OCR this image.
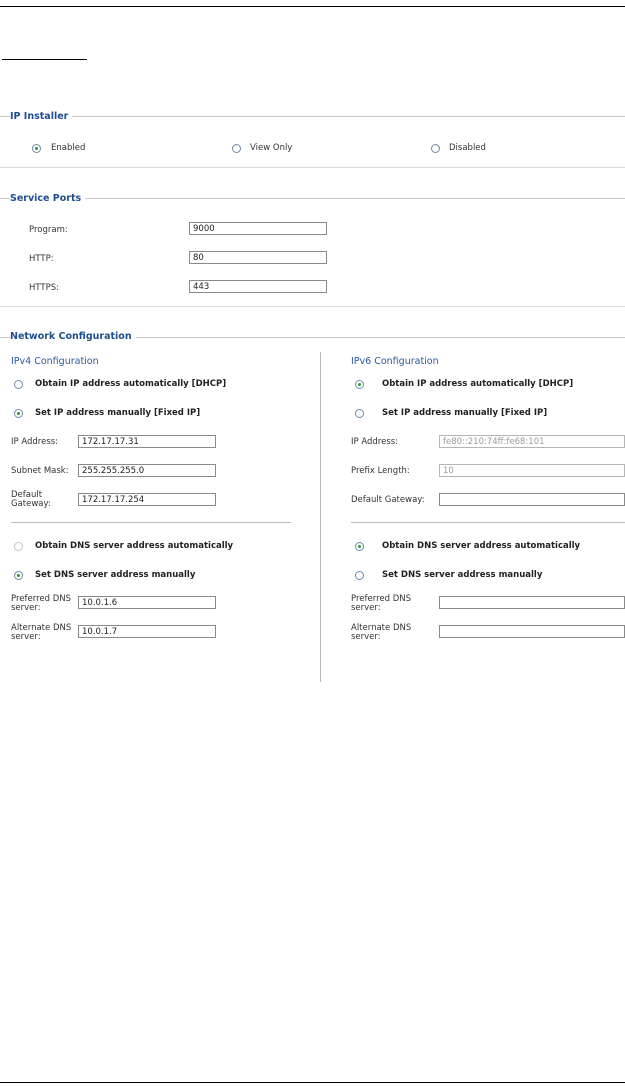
IP Installer
Enabled	View Only	Disabled
Service Ports
Program:
9000
HTTP:
80
HTTPS:
443
Network Configuration
IPv4 Configuration
Obtain IP address automatically [DHCP]
Set IP address manually [Fixed IP]
IP Address:
172.17.17.31
Subnet Mask:
255.255.255.0
Default
Gateway:
172.17.17.254
Obtain DNS server address automatically
Set DNS server address manually
Preferred DNS
server:
10.0.1.6
Alternate DNS
server:
10.0.1.7
IPv6 Configuration
Obtain IP address automatically [DHCP]
Set IP address manually [Fixed IP]
IP Address:
fe80::210:74ff:fe68:101
Prefix Length:
10
Default Gateway:
Obtain DNS server address automatically
Set DNS server address manually
Preferred DNS
server:
Alternate DNS
server:
